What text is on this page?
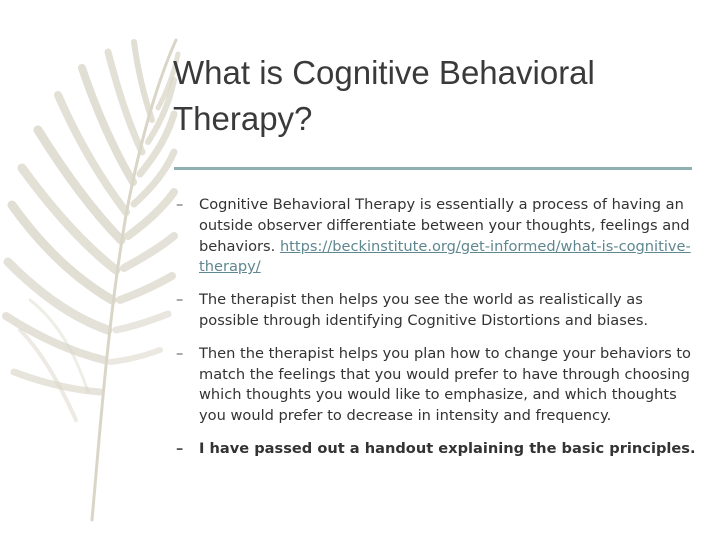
What is Cognitive Behavioral
Therapy?
– Cognitive Behavioral Therapy is essentially a process of having an outside observer differentiate between your thoughts, feelings and behaviors. https://beckinstitute.org/get-informed/what-is-cognitive-therapy/
– The therapist then helps you see the world as realistically as possible through identifying Cognitive Distortions and biases.
– Then the therapist helps you plan how to change your behaviors to match the feelings that you would prefer to have through choosing which thoughts you would like to emphasize, and which thoughts you would prefer to decrease in intensity and frequency.
– I have passed out a handout explaining the basic principles.
